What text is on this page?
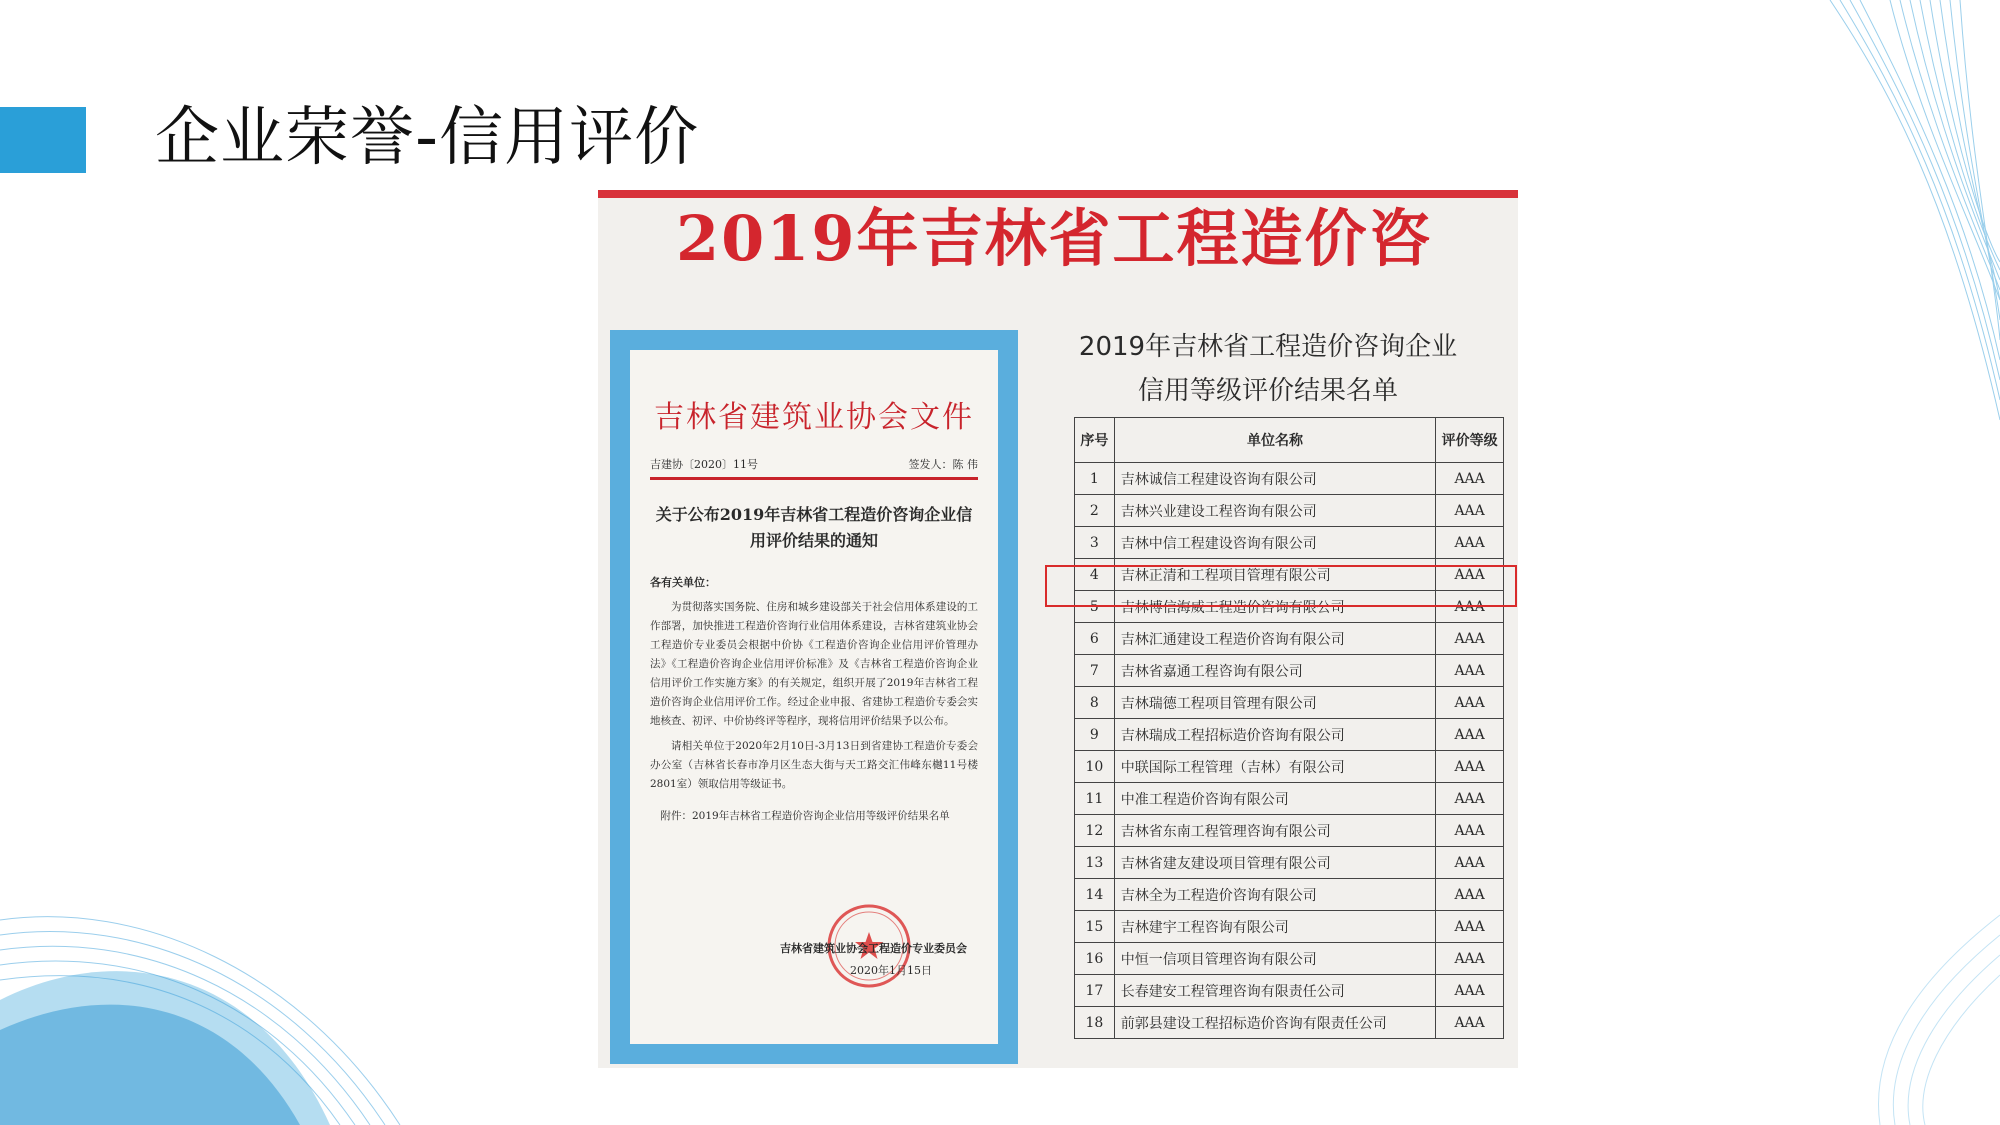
企业荣誉-信用评价
2019年吉林省工程造价咨
吉林省建筑业协会文件
吉建协〔2020〕11号	签发人：陈 伟
关于公布2019年吉林省工程造价咨询企业信用评价结果的通知
各有关单位：

为贯彻落实国务院、住房和城乡建设部关于社会信用体系建设的工作部署，加快推进工程造价咨询行业信用体系建设，吉林省建筑业协会工程造价专业委员会根据中价协《工程造价咨询企业信用评价管理办法》《工程造价咨询企业信用评价标准》及《吉林省工程造价咨询企业信用评价工作实施方案》的有关规定，组织开展了2019年吉林省工程造价咨询企业信用评价工作。经过企业申报、省建协工程造价专委会实地核查、初评、中价协终评等程序，现将信用评价结果予以公布。

请相关单位于2020年2月10日-3月13日到省建协工程造价专委会办公室（吉林省长春市净月区生态大街与天工路交汇伟峰东樾11号楼2801室）领取信用等级证书。

附件：2019年吉林省工程造价咨询企业信用等级评价结果名单
吉林省建筑业协会工程造价专业委员会
2020年1月15日
2019年吉林省工程造价咨询企业
信用等级评价结果名单
序号	单位名称	评价等级
1	吉林诚信工程建设咨询有限公司	AAA
2	吉林兴业建设工程咨询有限公司	AAA
3	吉林中信工程建设咨询有限公司	AAA
4	吉林正清和工程项目管理有限公司	AAA
5	吉林博信海威工程造价咨询有限公司	AAA
6	吉林汇通建设工程造价咨询有限公司	AAA
7	吉林省嘉通工程咨询有限公司	AAA
8	吉林瑞德工程项目管理有限公司	AAA
9	吉林瑞成工程招标造价咨询有限公司	AAA
10	中联国际工程管理（吉林）有限公司	AAA
11	中准工程造价咨询有限公司	AAA
12	吉林省东南工程管理咨询有限公司	AAA
13	吉林省建友建设项目管理有限公司	AAA
14	吉林全为工程造价咨询有限公司	AAA
15	吉林建宇工程咨询有限公司	AAA
16	中恒一信项目管理咨询有限公司	AAA
17	长春建安工程管理咨询有限责任公司	AAA
18	前郭县建设工程招标造价咨询有限责任公司	AAA
